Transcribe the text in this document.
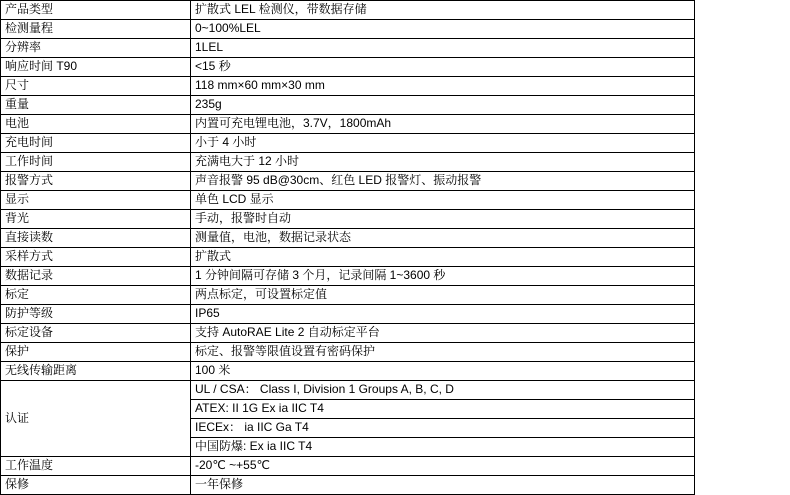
产品类型	扩散式 LEL 检测仪，带数据存储
检测量程	0~100%LEL
分辨率	1LEL
响应时间 T90	<15 秒
尺寸	118 mm×60 mm×30 mm
重量	235g
电池	内置可充电锂电池，3.7V，1800mAh
充电时间	小于 4 小时
工作时间	充满电大于 12 小时
报警方式	声音报警 95 dB@30cm、红色 LED 报警灯、振动报警
显示	单色 LCD 显示
背光	手动，报警时自动
直接读数	测量值，电池，数据记录状态
采样方式	扩散式
数据记录	1 分钟间隔可存储 3 个月，记录间隔 1~3600 秒
标定	两点标定，可设置标定值
防护等级	IP65
标定设备	支持 AutoRAE Lite 2 自动标定平台
保护	标定、报警等限值设置有密码保护
无线传输距离	100 米
认证	UL / CSA： Class I, Division 1 Groups A, B, C, D
	ATEX: II 1G Ex ia IIC T4
	IECEx： ia IIC Ga T4
	中国防爆: Ex ia IIC T4
工作温度	-20℃ ~+55℃
保修	一年保修
